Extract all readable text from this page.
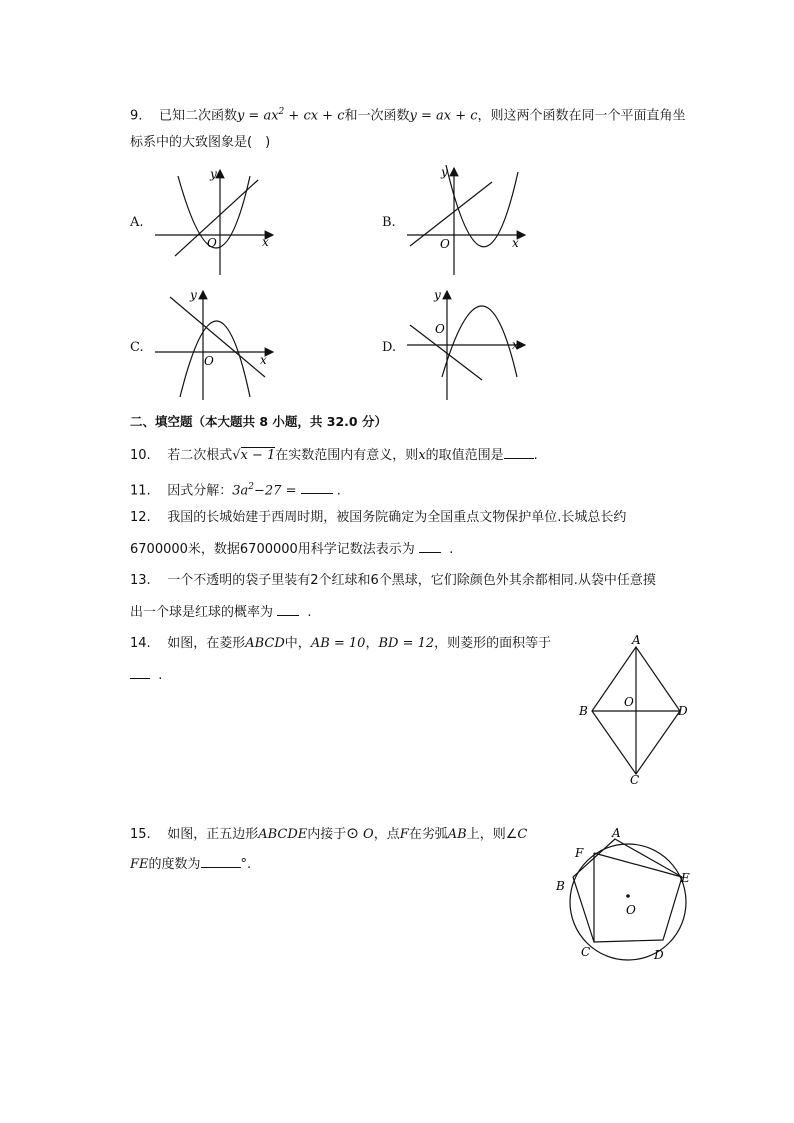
9. 已知二次函数$y = ax^2$ + cx + c和一次函数y = ax + c，则这两个函数在同一个平面直角坐
标系中的大致图象是(　)
A.
y
x
O
B.
y
x
O
C.
y
x
O
D.
y
x
O
二、填空题（本大题共 8 小题，共 32.0 分）
10. 若二次根式√x − 1在实数范围内有意义，则x的取值范围是 .
11. 因式分解：$3a^2-27$ =	.
12. 我国的长城始建于西周时期，被国务院确定为全国重点文物保护单位.长城总长约
6700000米，数据6700000用科学记数法表示为	.
13. 一个不透明的袋子里装有2个红球和6个黑球，它们除颜色外其余都相同.从袋中任意摸
出一个球是红球的概率为	.
14. 如图，在菱形ABCD中，AB = 10，BD = 12，则菱形的面积等于
.
A
B
C
D
O
15. 如图，正五边形ABCDE内接于⊙ O，点F在劣弧AB上，则∠C
FE的度数为	°.
A
F
B
E
C	D
O
